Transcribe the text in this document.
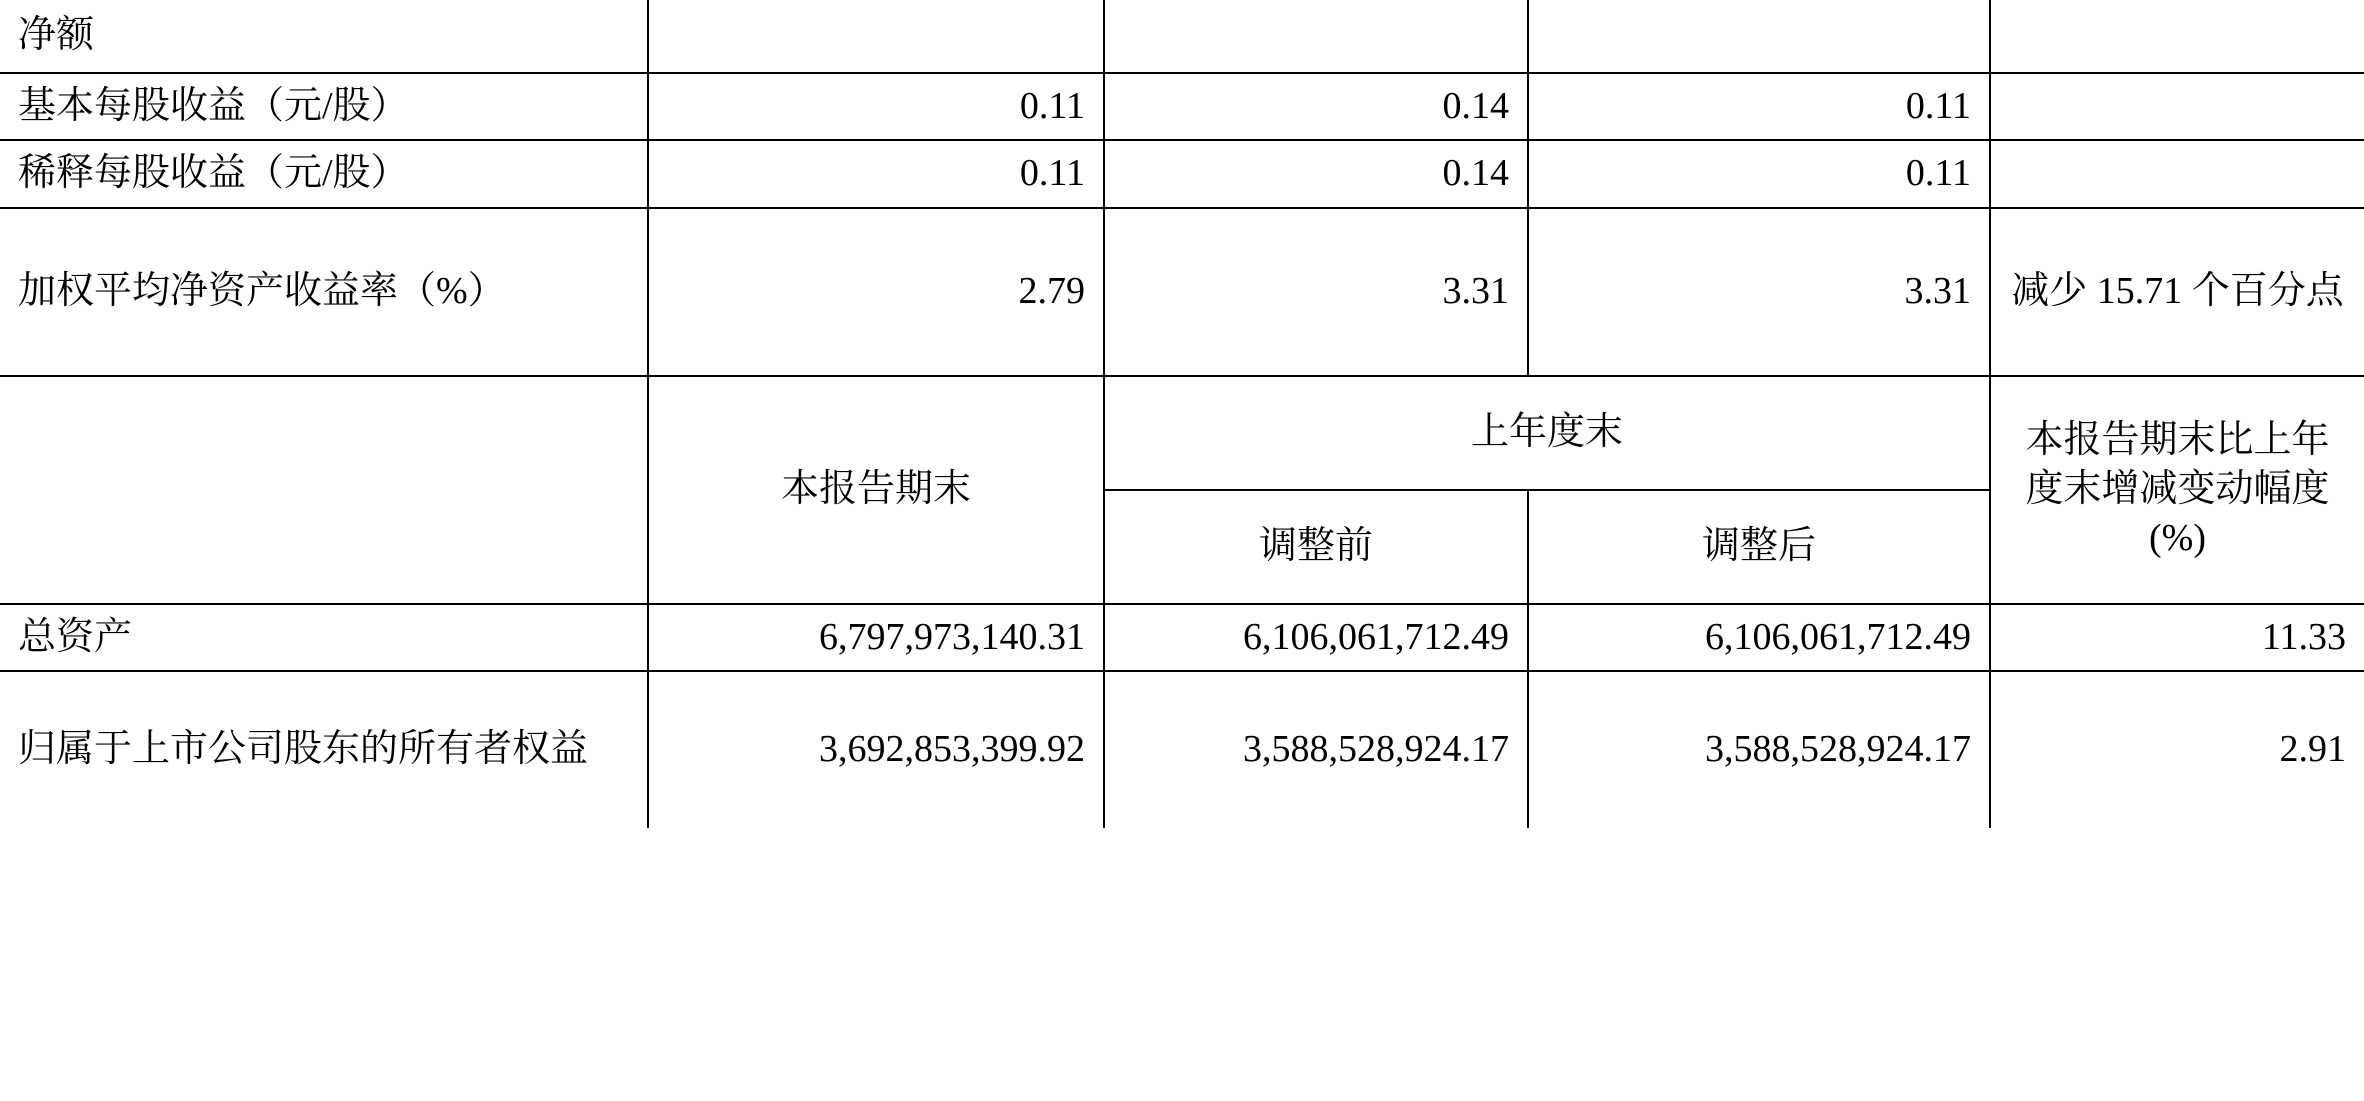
净额				
基本每股收益（元/股）	0.11	0.14	0.11	
稀释每股收益（元/股）	0.11	0.14	0.11	
加权平均净资产收益率（%）	2.79	3.31	3.31	减少 15.71 个百分点
	本报告期末	上年度末		本报告期末比上年度末增减变动幅度(%)
		调整前	调整后	
总资产	6,797,973,140.31	6,106,061,712.49	6,106,061,712.49	11.33
归属于上市公司股东的所有者权益	3,692,853,399.92	3,588,528,924.17	3,588,528,924.17	2.91
